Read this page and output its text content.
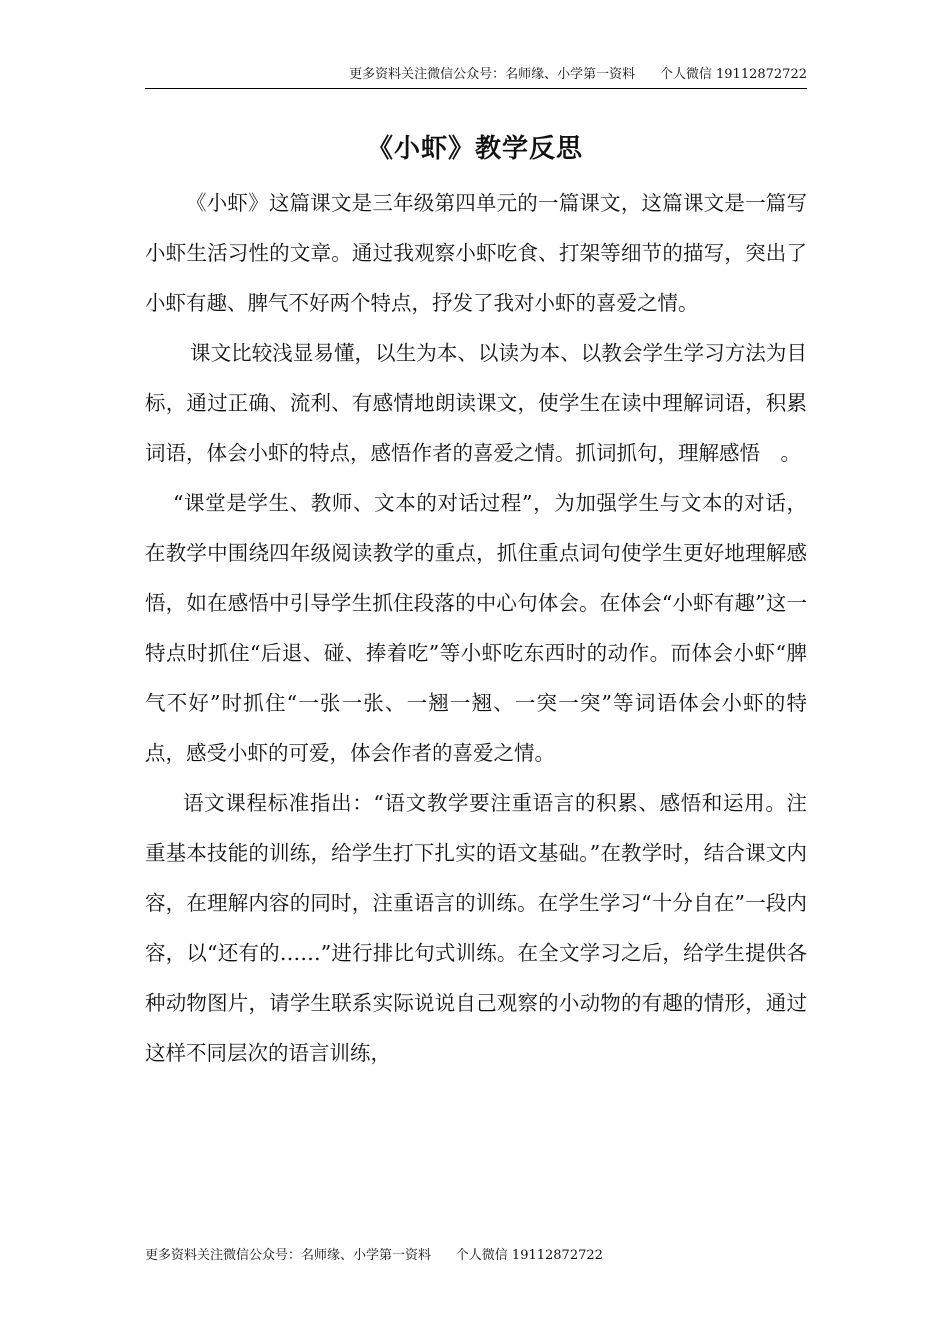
更多资料关注微信公众号：名师缘、小学第一资料      个人微信 19112872722
《小虾》教学反思

《小虾》这篇课文是三年级第四单元的一篇课文，这篇课文是一篇写小虾生活习性的文章。通过我观察小虾吃食、打架等细节的描写，突出了小虾有趣、脾气不好两个特点，抒发了我对小虾的喜爱之情。

课文比较浅显易懂，以生为本、以读为本、以教会学生学习方法为目标，通过正确、流利、有感情地朗读课文，使学生在读中理解词语，积累词语，体会小虾的特点，感悟作者的喜爱之情。抓词抓句，理解感悟　。

“课堂是学生、教师、文本的对话过程”，为加强学生与文本的对话，在教学中围绕四年级阅读教学的重点，抓住重点词句使学生更好地理解感悟，如在感悟中引导学生抓住段落的中心句体会。在体会“小虾有趣”这一特点时抓住“后退、碰、捧着吃”等小虾吃东西时的动作。而体会小虾“脾气不好”时抓住“一张一张、一翘一翘、一突一突”等词语体会小虾的特点，感受小虾的可爱，体会作者的喜爱之情。

语文课程标准指出：“语文教学要注重语言的积累、感悟和运用。注重基本技能的训练，给学生打下扎实的语文基础。”在教学时，结合课文内容，在理解内容的同时，注重语言的训练。在学生学习“十分自在”一段内容，以“还有的……”进行排比句式训练。在全文学习之后，给学生提供各种动物图片，请学生联系实际说说自己观察的小动物的有趣的情形，通过这样不同层次的语言训练，

更多资料关注微信公众号：名师缘、小学第一资料      个人微信 19112872722
